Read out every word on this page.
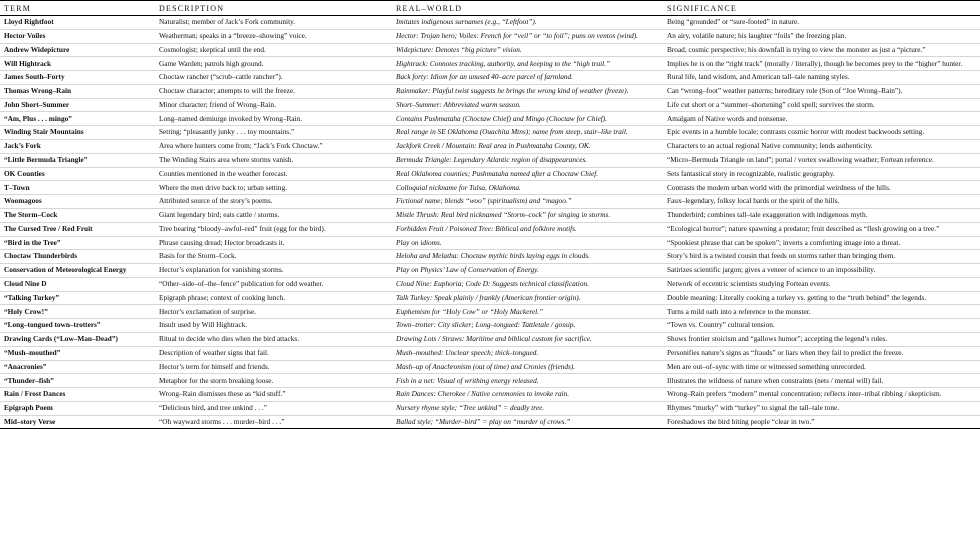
TERM	DESCRIPTION	REAL–WORLD	SIGNIFICANCE
Lloyd Rightfoot	Naturalist; member of Jack’s Fork community.	Imitates indigenous surnames (e.g., “Leftfoot”).	Being “grounded” or “sure-footed” in nature.
Hector Voiles	Weatherman; speaks in a “breeze–showing” voice.	Hector: Trojan hero; Voiles: French for “veil” or “to foil”; puns on ventos (wind).	An airy, volatile nature; his laughter “foils” the freezing plan.
Andrew Widepicture	Cosmologist; skeptical until the end.	Widepicture: Denotes “big picture” vision.	Broad, cosmic perspective; his downfall is trying to view the monster as just a “picture.”
Will Hightrack	Game Warden; patrols high ground.	Hightrack: Connotes tracking, authority, and keeping to the “high trail.”	Implies he is on the “right track” (morally / literally), though he becomes prey to the “higher” hunter.
James South–Forty	Choctaw rancher (“scrub–cattle rancher”).	Back forty: Idiom for an unused 40–acre parcel of farmland.	Rural life, land wisdom, and American tall–tale naming styles.
Thomas Wrong–Rain	Choctaw character; attempts to will the freeze.	Rainmaker: Playful twist suggests he brings the wrong kind of weather (freeze).	Can “wrong–foot” weather patterns; hereditary role (Son of “Joe Wrong–Rain”).
John Short–Summer	Minor character; friend of Wrong–Rain.	Short–Summer: Abbreviated warm season.	Life cut short or a “summer–shortening” cold spell; survives the storm.
“Am, Plus . . . mingo”	Long–named demiurge invoked by Wrong–Rain.	Contains Pushmataha (Choctaw Chief) and Mingo (Choctaw for Chief).	Amalgam of Native words and nonsense.
Winding Stair Mountains	Setting; “pleasantly junky . . . toy mountains.”	Real range in SE Oklahoma (Ouachita Mtns); name from steep, stair–like trail.	Epic events in a humble locale; contrasts cosmic horror with modest backwoods setting.
Jack’s Fork	Area where hunters come from; “Jack’s Fork Choctaw.”	Jackfork Creek / Mountain: Real area in Pushmataha County, OK.	Characters to an actual regional Native community; lends authenticity.
“Little Bermuda Triangle”	The Winding Stairs area where storms vanish.	Bermuda Triangle: Legendary Atlantic region of disappearances.	“Micro–Bermuda Triangle on land”; portal / vortex swallowing weather; Fortean reference.
OK Counties	Counties mentioned in the weather forecast.	Real Oklahoma counties; Pushmataha named after a Choctaw Chief.	Sets fantastical story in recognizable, realistic geography.
T–Town	Where the men drive back to; urban setting.	Colloquial nickname for Tulsa, Oklahoma.	Contrasts the modern urban world with the primordial weirdness of the hills.
Woomagoos	Attributed source of the story’s poems.	Fictional name; blends “woo” (spiritualism) and “magoo.”	Faux–legendary, folksy local bards or the spirit of the hills.
The Storm–Cock	Giant legendary bird; eats cattle / storms.	Mistle Thrush: Real bird nicknamed “Storm–cock” for singing in storms.	Thunderbird; combines tall–tale exaggeration with indigenous myth.
The Cursed Tree / Red Fruit	Tree bearing “bloody–awful–red” fruit (egg for the bird).	Forbidden Fruit / Poisoned Tree: Biblical and folklore motifs.	“Ecological horror”; nature spawning a predator; fruit described as “flesh growing on a tree.”
“Bird in the Tree”	Phrase causing dread; Hector broadcasts it.	Play on idioms.	“Spookiest phrase that can be spoken”; inverts a comforting image into a threat.
Choctaw Thunderbirds	Basis for the Storm–Cock.	Heloha and Melatha: Choctaw mythic birds laying eggs in clouds.	Story’s bird is a twisted cousin that feeds on storms rather than bringing them.
Conservation of Meteorological Energy	Hector’s explanation for vanishing storms.	Play on Physics’ Law of Conservation of Energy.	Satirizes scientific jargon; gives a veneer of science to an impossibility.
Cloud Nine D	“Other–side–of–the–fence” publication for odd weather.	Cloud Nine: Euphoria; Code D: Suggests technical classification.	Network of eccentric scientists studying Fortean events.
“Talking Turkey”	Epigraph phrase; context of cooking lunch.	Talk Turkey: Speak plainly / frankly (American frontier origin).	Double meaning: Literally cooking a turkey vs. getting to the “truth behind” the legends.
“Holy Crow!”	Hector’s exclamation of surprise.	Euphemism for “Holy Cow” or “Holy Mackerel.”	Turns a mild oath into a reference to the monster.
“Long–tongued town–trotters”	Insult used by Will Hightrack.	Town–trotter: City slicker; Long–tongued: Tattletale / gossip.	“Town vs. Country” cultural tension.
Drawing Cards (“Low–Man–Dead”)	Ritual to decide who dies when the bird attacks.	Drawing Lots / Straws: Maritime and biblical custom for sacrifice.	Shows frontier stoicism and “gallows humor”; accepting the legend’s rules.
“Mush–mouthed”	Description of weather signs that fail.	Mush–mouthed: Unclear speech; thick–tongued.	Personifies nature’s signs as “frauds” or liars when they fail to predict the freeze.
“Anacronies”	Hector’s term for himself and friends.	Mash–up of Anachronism (out of time) and Cronies (friends).	Men are out–of–sync with time or witnessed something unrecorded.
“Thunder–fish”	Metaphor for the storm breaking loose.	Fish in a net: Visual of writhing energy released.	Illustrates the wildness of nature when constraints (nets / mental will) fail.
Rain / Frost Dances	Wrong–Rain dismisses these as “kid stuff.”	Rain Dances: Cherokee / Native ceremonies to invoke rain.	Wrong–Rain prefers “modern” mental concentration; reflects inter–tribal ribbing / skepticism.
Epigraph Poem	“Delicious bird, and tree unkind . . .”	Nursery rhyme style; “Tree unkind” = deadly tree.	Rhymes “murky” with “turkey” to signal the tall–tale tone.
Mid–story Verse	“Oh wayward storms . . . murder–bird . . .”	Ballad style; “Murder–bird” = play on “murder of crows.”	Foreshadows the bird biting people “clear in two.”
